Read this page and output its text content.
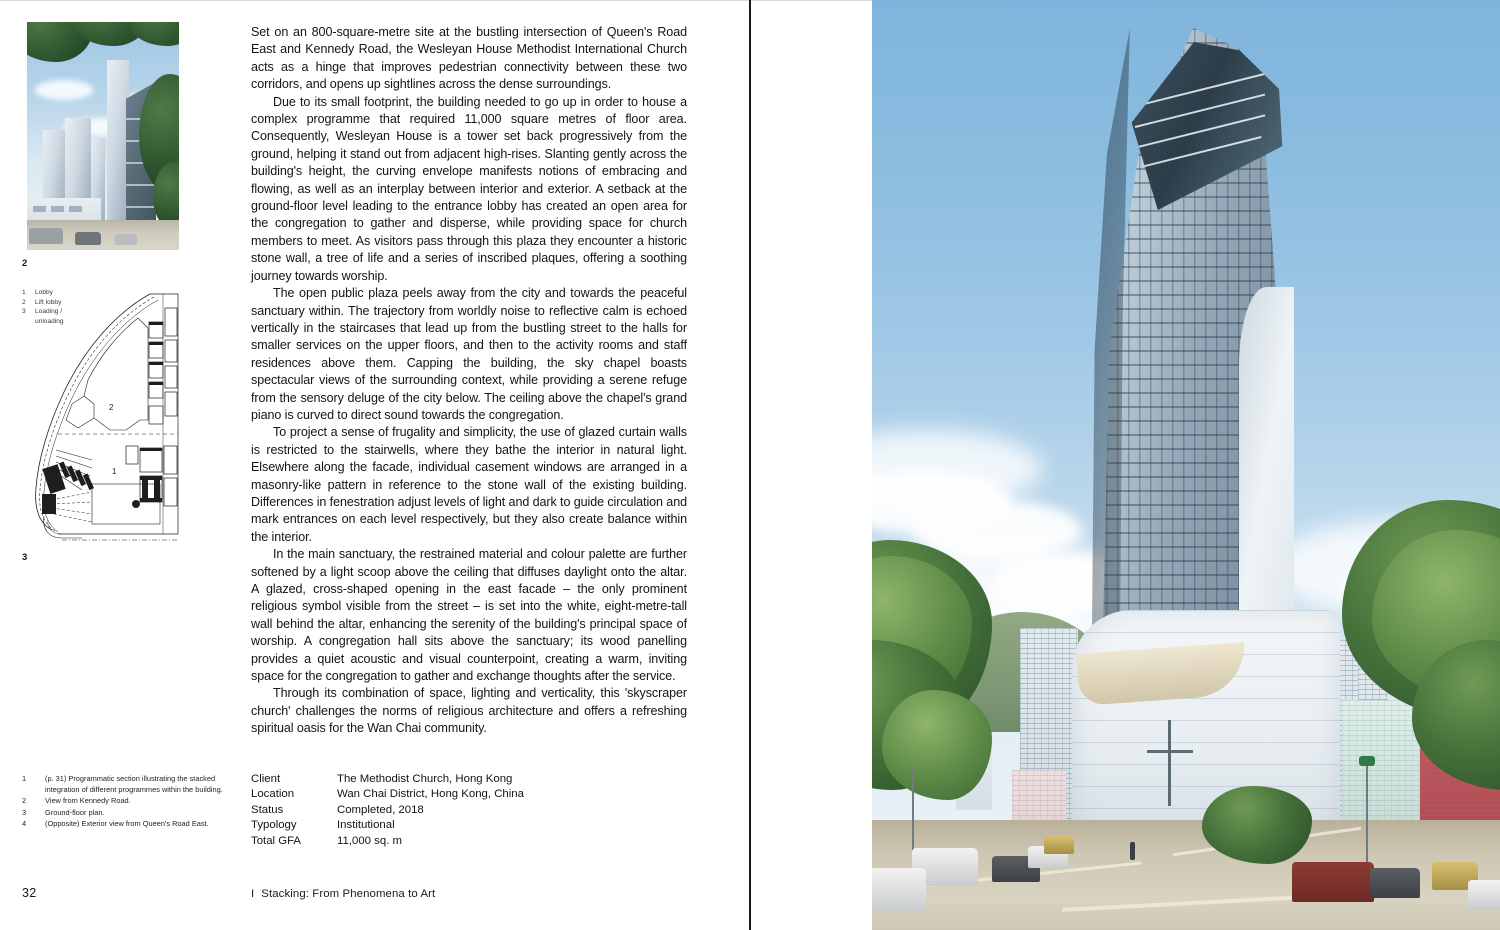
2
2
1
1	Lobby
2	Lift lobby
3	Loading /
unloading
3
1	(p. 31) Programmatic section illustrating the stacked integration of different programmes within the building.
2	View from Kennedy Road.
3	Ground-floor plan.
4	(Opposite) Exterior view from Queen's Road East.
32

Set on an 800-square-metre site at the bustling intersection of Queen's Road East and Kennedy Road, the Wesleyan House Methodist International Church acts as a hinge that improves pedestrian connectivity between these two corridors, and opens up sightlines across the dense surroundings.

Due to its small footprint, the building needed to go up in order to house a complex programme that required 11,000 square metres of floor area. Consequently, Wesleyan House is a tower set back progressively from the ground, helping it stand out from adjacent high-rises. Slanting gently across the building's height, the curving envelope manifests notions of embracing and flowing, as well as an interplay between interior and exterior. A setback at the ground-floor level leading to the entrance lobby has created an open area for the congregation to gather and disperse, while providing space for church members to meet. As visitors pass through this plaza they encounter a historic stone wall, a tree of life and a series of inscribed plaques, offering a soothing journey towards worship.

The open public plaza peels away from the city and towards the peaceful sanctuary within. The trajectory from worldly noise to reflective calm is echoed vertically in the staircases that lead up from the bustling street to the halls for smaller services on the upper floors, and then to the activity rooms and staff residences above them. Capping the building, the sky chapel boasts spectacular views of the surrounding context, while providing a serene refuge from the sensory deluge of the city below. The ceiling above the chapel's grand piano is curved to direct sound towards the congregation.

To project a sense of frugality and simplicity, the use of glazed curtain walls is restricted to the stairwells, where they bathe the interior in natural light. Elsewhere along the facade, individual casement windows are arranged in a masonry-like pattern in reference to the stone wall of the existing building. Differences in fenestration adjust levels of light and dark to guide circulation and mark entrances on each level respectively, but they also create balance within the interior.

In the main sanctuary, the restrained material and colour palette are further softened by a light scoop above the ceiling that diffuses daylight onto the altar. A glazed, cross-shaped opening in the east facade – the only prominent religious symbol visible from the street – is set into the white, eight-metre-tall wall behind the altar, enhancing the serenity of the building's principal space of worship. A congregation hall sits above the sanctuary; its wood panelling provides a quiet acoustic and visual counterpoint, creating a warm, inviting space for the congregation to gather and exchange thoughts after the service.

Through its combination of space, lighting and verticality, this 'skyscraper church' challenges the norms of religious architecture and offers a refreshing spiritual oasis for the Wan Chai community.

Client	The Methodist Church, Hong Kong
Location	Wan Chai District, Hong Kong, China
Status	Completed, 2018
Typology	Institutional
Total GFA	11,000 sq. m
I Stacking: From Phenomena to Art
